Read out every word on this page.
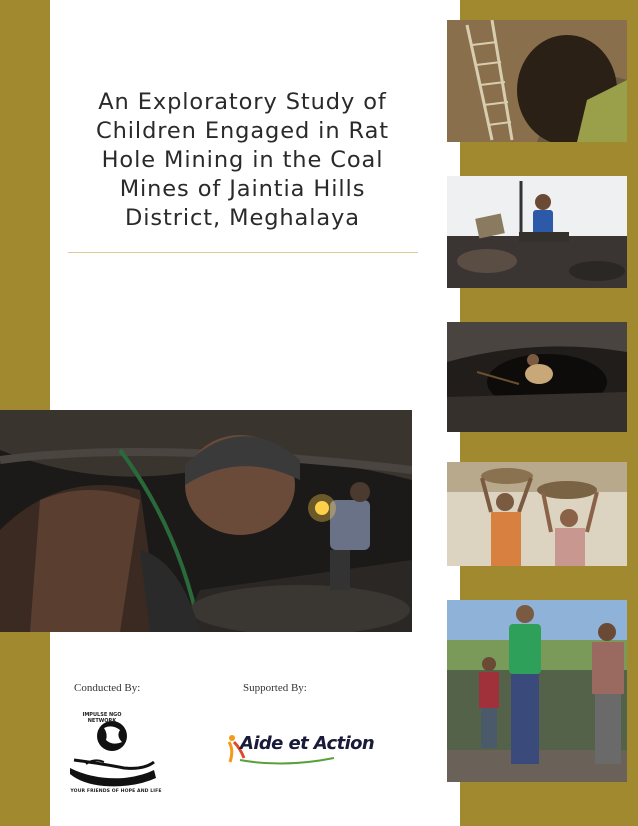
An Exploratory Study of Children Engaged in Rat Hole Mining in the Coal Mines of Jaintia Hills District, Meghalaya
Conducted By:	Supported By:
IMPULSE NGO NETWORK
YOUR FRIENDS OF HOPE AND LIFE
Aide et Action
